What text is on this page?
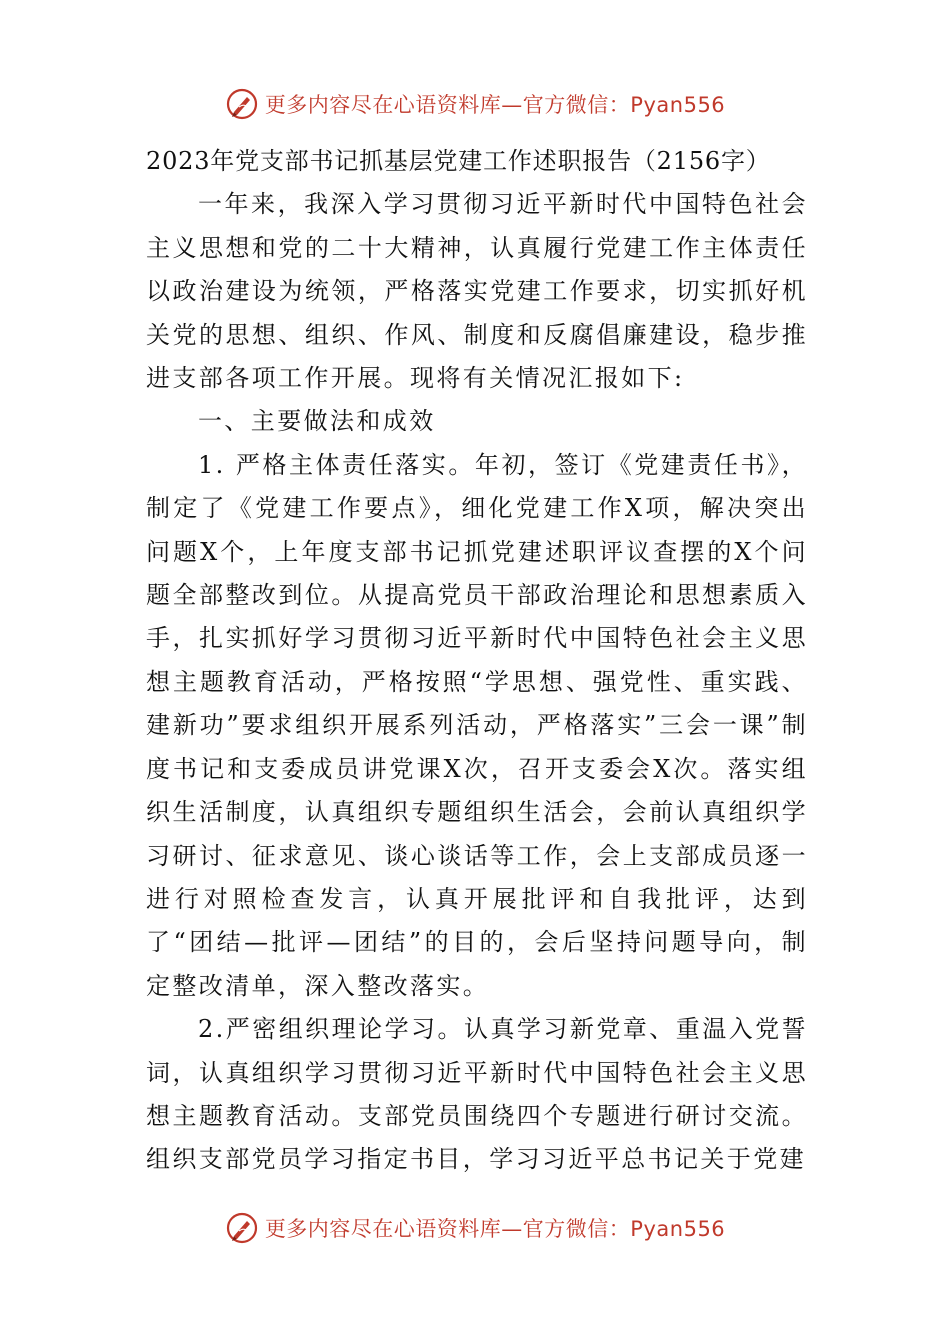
更多内容尽在心语资料库—官方微信：Pyan556

2023年党支部书记抓基层党建工作述职报告（2156字）

一年来，我深入学习贯彻习近平新时代中国特色社会主义思想和党的二十大精神，认真履行党建工作主体责任以政治建设为统领，严格落实党建工作要求，切实抓好机关党的思想、组织、作风、制度和反腐倡廉建设，稳步推进支部各项工作开展。现将有关情况汇报如下:

一、主要做法和成效

1. 严格主体责任落实。年初，签订《党建责任书》，制定了《党建工作要点》，细化党建工作X项，解决突出问题X个，上年度支部书记抓党建述职评议查摆的X个问题全部整改到位。从提高党员干部政治理论和思想素质入手，扎实抓好学习贯彻习近平新时代中国特色社会主义思想主题教育活动，严格按照“学思想、强党性、重实践、建新功”要求组织开展系列活动，严格落实”三会一课”制度书记和支委成员讲党课X次，召开支委会X次。落实组织生活制度，认真组织专题组织生活会，会前认真组织学习研讨、征求意见、谈心谈话等工作，会上支部成员逐一进行对照检查发言，认真开展批评和自我批评，达到了“团结—批评—团结”的目的，会后坚持问题导向，制定整改清单，深入整改落实。

2.严密组织理论学习。认真学习新党章、重温入党誓词，认真组织学习贯彻习近平新时代中国特色社会主义思想主题教育活动。支部党员围绕四个专题进行研讨交流。组织支部党员学习指定书目，学习习近平总书记关于党建

更多内容尽在心语资料库—官方微信：Pyan556
